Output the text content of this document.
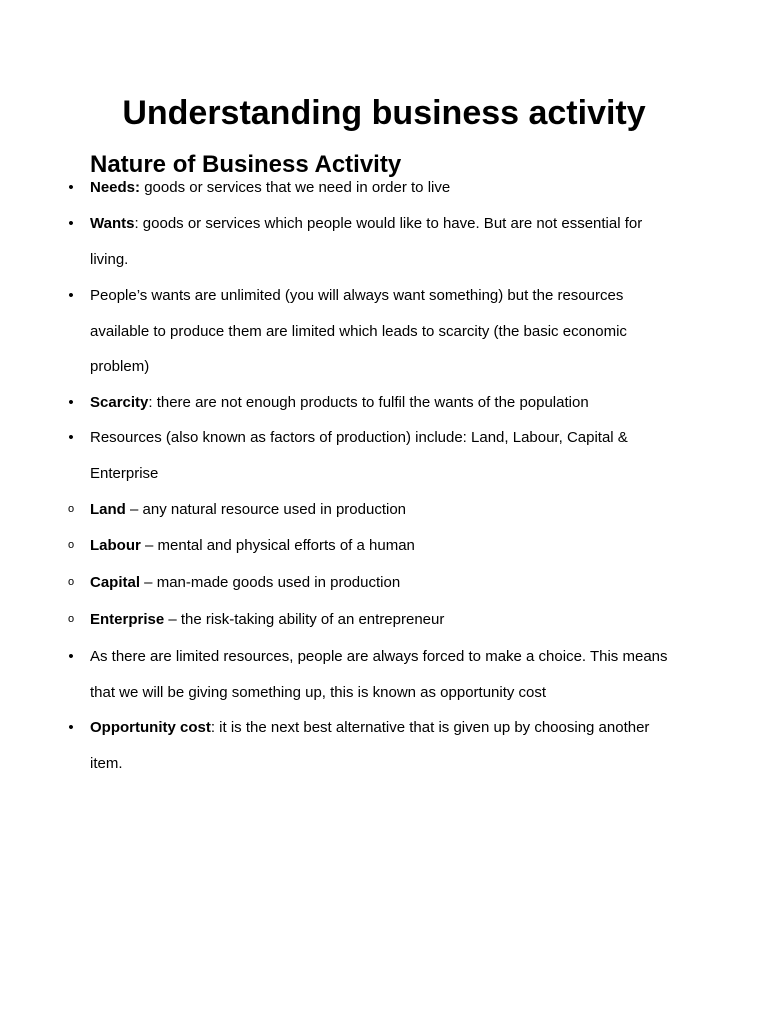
Understanding business activity
Nature of Business Activity
• Needs: goods or services that we need in order to live
• Wants: goods or services which people would like to have. But are not essential for living.
• People’s wants are unlimited (you will always want something) but the resources available to produce them are limited which leads to scarcity (the basic economic problem)
• Scarcity: there are not enough products to fulfil the wants of the population
• Resources (also known as factors of production) include: Land, Labour, Capital & Enterprise
o Land – any natural resource used in production
o Labour – mental and physical efforts of a human
o Capital – man-made goods used in production
o Enterprise – the risk-taking ability of an entrepreneur
• As there are limited resources, people are always forced to make a choice. This means that we will be giving something up, this is known as opportunity cost
• Opportunity cost: it is the next best alternative that is given up by choosing another item.
